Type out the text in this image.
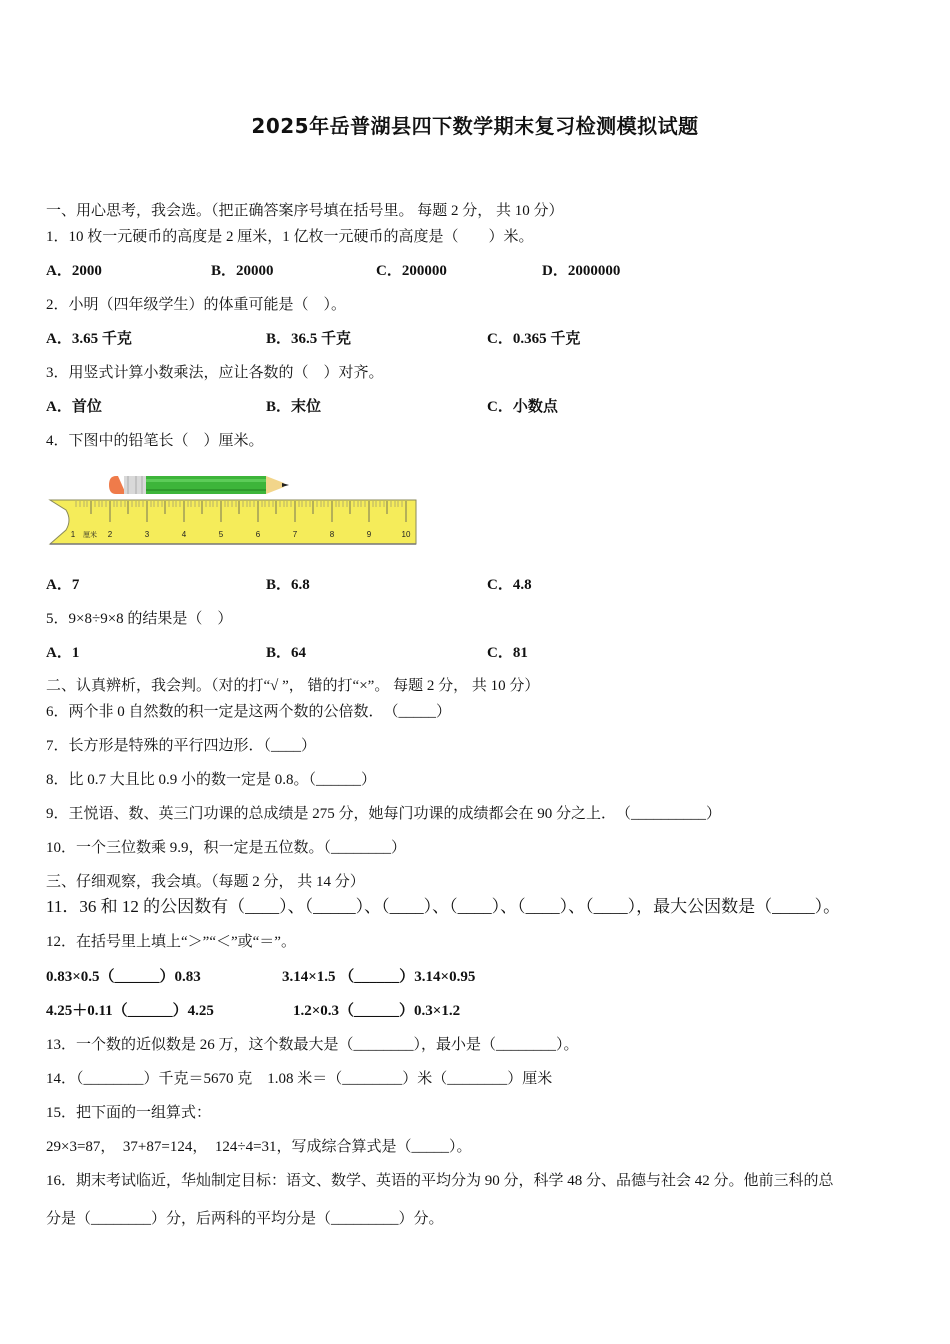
2025年岳普湖县四下数学期末复习检测模拟试题
一、用心思考，我会选。（把正确答案序号填在括号里。 每题 2 分， 共 10 分）
1．10 枚一元硬币的高度是 2 厘米，1 亿枚一元硬币的高度是（　　）米。
A．2000	B．20000	C．200000	D．2000000
2．小明（四年级学生）的体重可能是（　）。
A．3.65 千克	B．36.5 千克	C．0.365 千克
3．用竖式计算小数乘法，应让各数的（　）对齐。
A．首位	B．末位	C．小数点
4．下图中的铅笔长（　）厘米。
1 厘米 2	3	4	5	6	7	8	9	10
A．7	B．6.8	C．4.8
5．9×8÷9×8 的结果是（　）
A．1	B．64	C．81
二、认真辨析，我会判。（对的打“√ ”， 错的打“×”。 每题 2 分， 共 10 分）
6．两个非 0 自然数的积一定是这两个数的公倍数．　（_____）
7．长方形是特殊的平行四边形．（____）
8．比 0.7 大且比 0.9 小的数一定是 0.8。（______）
9．王悦语、数、英三门功课的总成绩是 275 分，她每门功课的成绩都会在 90 分之上．　（__________）
10．一个三位数乘 9.9，积一定是五位数。（________）
三、仔细观察，我会填。（每题 2 分， 共 14 分）
11．36 和 12 的公因数有（____）、（_____）、（____）、（____）、（____）、（____），最大公因数是（_____）。
12．在括号里上填上“＞”“＜”或“＝”。
0.83×0.5（______）0.83	3.14×1.5 （______）3.14×0.95
4.25＋0.11（______）4.25	1.2×0.3（______）0.3×1.2
13．一个数的近似数是 26 万，这个数最大是（________），最小是（________）。
14．（________）千克＝5670 克　1.08 米＝（________）米（________）厘米
15．把下面的一组算式：
29×3=87，　37+87=124，　124÷4=31，写成综合算式是（_____）。
16．期末考试临近，华灿制定目标：语文、数学、英语的平均分为 90 分，科学 48 分、品德与社会 42 分。他前三科的总
分是（________）分，后两科的平均分是（_________）分。
